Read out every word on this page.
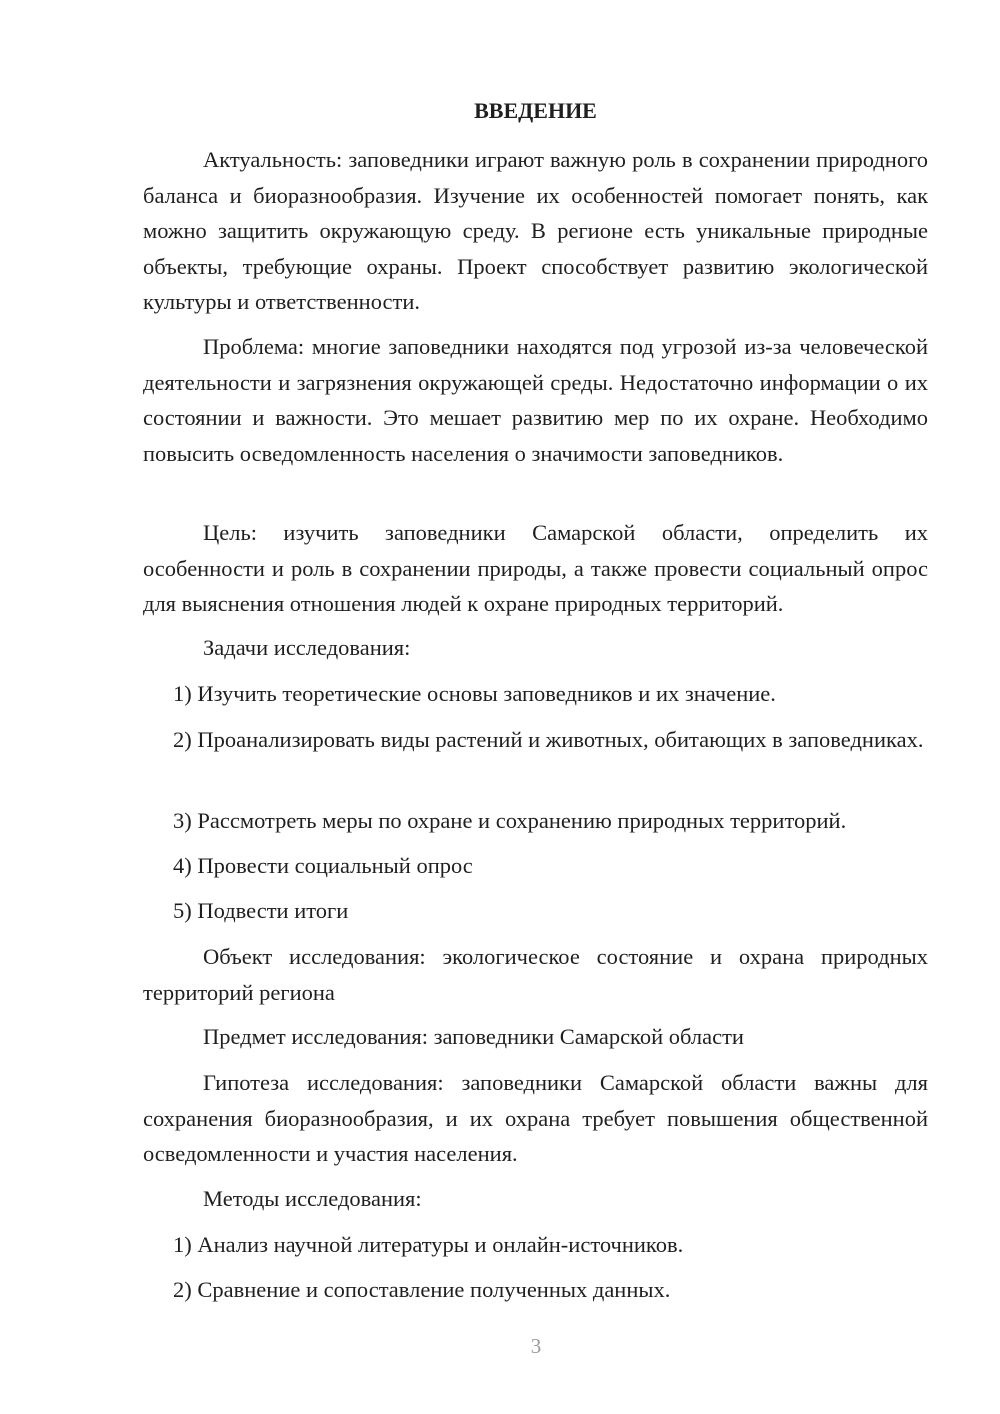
ВВЕДЕНИЕ

Актуальность: заповедники играют важную роль в сохранении природного баланса и биоразнообразия. Изучение их особенностей помогает понять, как можно защитить окружающую среду. В регионе есть уникальные природные объекты, требующие охраны. Проект способствует развитию экологической культуры и ответственности.

Проблема: многие заповедники находятся под угрозой из-за человеческой деятельности и загрязнения окружающей среды. Недостаточно информации о их состоянии и важности. Это мешает развитию мер по их охране. Необходимо повысить осведомленность населения о значимости заповедников.

Цель: изучить заповедники Самарской области, определить их особенности и роль в сохранении природы, а также провести социальный опрос для выяснения отношения людей к охране природных территорий.

Задачи исследования:

1) Изучить теоретические основы заповедников и их значение.

2) Проанализировать виды растений и животных, обитающих в заповедниках.

3) Рассмотреть меры по охране и сохранению природных территорий.

4) Провести социальный опрос

5) Подвести итоги

Объект исследования: экологическое состояние и охрана природных территорий региона

Предмет исследования: заповедники Самарской области

Гипотеза исследования: заповедники Самарской области важны для сохранения биоразнообразия, и их охрана требует повышения общественной осведомленности и участия населения.

Методы исследования:

1) Анализ научной литературы и онлайн-источников.

2) Сравнение и сопоставление полученных данных.

3
